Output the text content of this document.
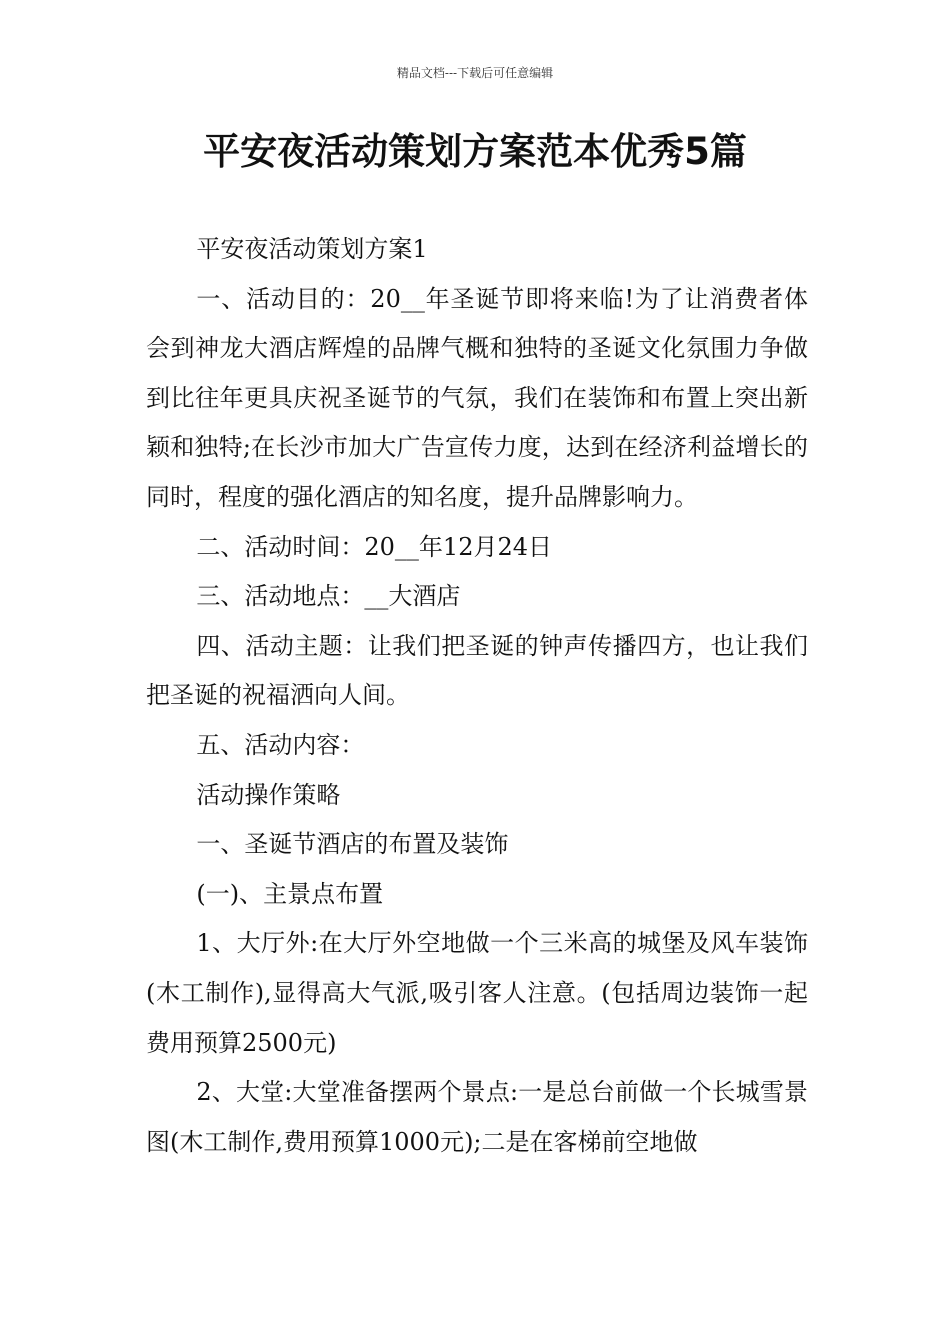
精品文档---下载后可任意编辑
平安夜活动策划方案范本优秀5篇

平安夜活动策划方案1

一、活动目的：20__年圣诞节即将来临!为了让消费者体会到神龙大酒店辉煌的品牌气概和独特的圣诞文化氛围力争做到比往年更具庆祝圣诞节的气氛，我们在装饰和布置上突出新颖和独特;在长沙市加大广告宣传力度，达到在经济利益增长的同时，程度的强化酒店的知名度，提升品牌影响力。

二、活动时间：20__年12月24日

三、活动地点：__大酒店

四、活动主题：让我们把圣诞的钟声传播四方，也让我们把圣诞的祝福洒向人间。

五、活动内容：

活动操作策略

一、圣诞节酒店的布置及装饰

(一)、主景点布置

1、大厅外:在大厅外空地做一个三米高的城堡及风车装饰(木工制作),显得高大气派,吸引客人注意。(包括周边装饰一起费用预算2500元)

2、大堂:大堂准备摆两个景点:一是总台前做一个长城雪景图(木工制作,费用预算1000元);二是在客梯前空地做
